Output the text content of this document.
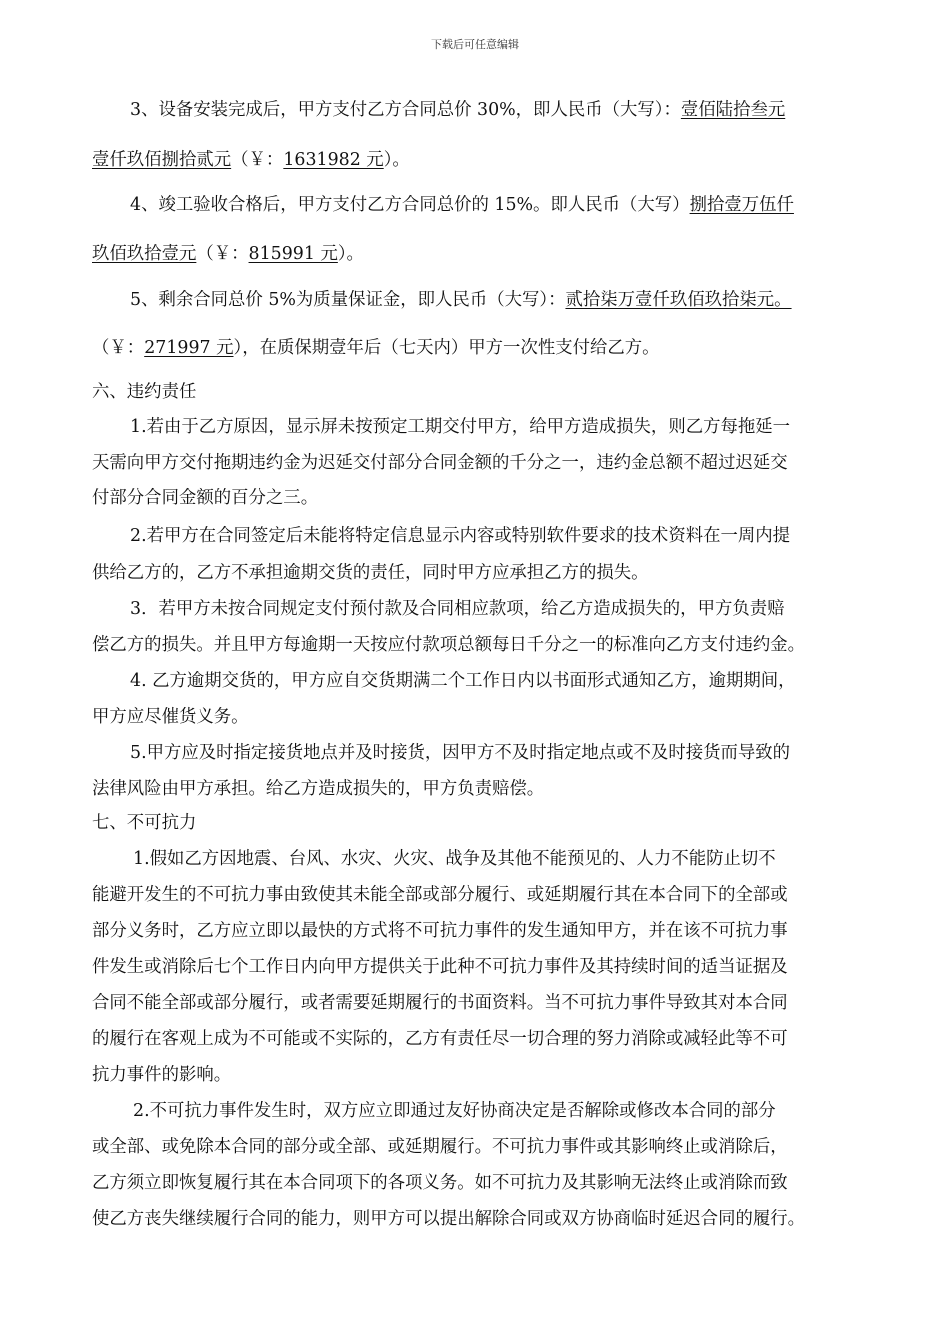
下载后可任意编辑
3、设备安装完成后，甲方支付乙方合同总价 30%，即人民币（大写）：壹佰陆拾叁元
壹仟玖佰捌拾贰元（￥：1631982 元）。
4、竣工验收合格后，甲方支付乙方合同总价的 15%。即人民币（大写）捌拾壹万伍仟
玖佰玖拾壹元（￥：815991 元）。
5、剩余合同总价 5%为质量保证金，即人民币（大写）：贰拾柒万壹仟玖佰玖拾柒元。
（￥：271997 元），在质保期壹年后（七天内）甲方一次性支付给乙方。
六、违约责任
1.若由于乙方原因，显示屏未按预定工期交付甲方，给甲方造成损失，则乙方每拖延一
天需向甲方交付拖期违约金为迟延交付部分合同金额的千分之一，违约金总额不超过迟延交
付部分合同金额的百分之三。
2.若甲方在合同签定后未能将特定信息显示内容或特别软件要求的技术资料在一周内提
供给乙方的，乙方不承担逾期交货的责任，同时甲方应承担乙方的损失。
3．若甲方未按合同规定支付预付款及合同相应款项，给乙方造成损失的，甲方负责赔
偿乙方的损失。并且甲方每逾期一天按应付款项总额每日千分之一的标准向乙方支付违约金。
4. 乙方逾期交货的，甲方应自交货期满二个工作日内以书面形式通知乙方，逾期期间，
甲方应尽催货义务。
5.甲方应及时指定接货地点并及时接货，因甲方不及时指定地点或不及时接货而导致的
法律风险由甲方承担。给乙方造成损失的，甲方负责赔偿。
七、不可抗力
1.假如乙方因地震、台风、水灾、火灾、战争及其他不能预见的、人力不能防止切不
能避开发生的不可抗力事由致使其未能全部或部分履行、或延期履行其在本合同下的全部或
部分义务时，乙方应立即以最快的方式将不可抗力事件的发生通知甲方，并在该不可抗力事
件发生或消除后七个工作日内向甲方提供关于此种不可抗力事件及其持续时间的适当证据及
合同不能全部或部分履行，或者需要延期履行的书面资料。当不可抗力事件导致其对本合同
的履行在客观上成为不可能或不实际的，乙方有责任尽一切合理的努力消除或减轻此等不可
抗力事件的影响。
2.不可抗力事件发生时，双方应立即通过友好协商决定是否解除或修改本合同的部分
或全部、或免除本合同的部分或全部、或延期履行。不可抗力事件或其影响终止或消除后，
乙方须立即恢复履行其在本合同项下的各项义务。如不可抗力及其影响无法终止或消除而致
使乙方丧失继续履行合同的能力，则甲方可以提出解除合同或双方协商临时延迟合同的履行。
